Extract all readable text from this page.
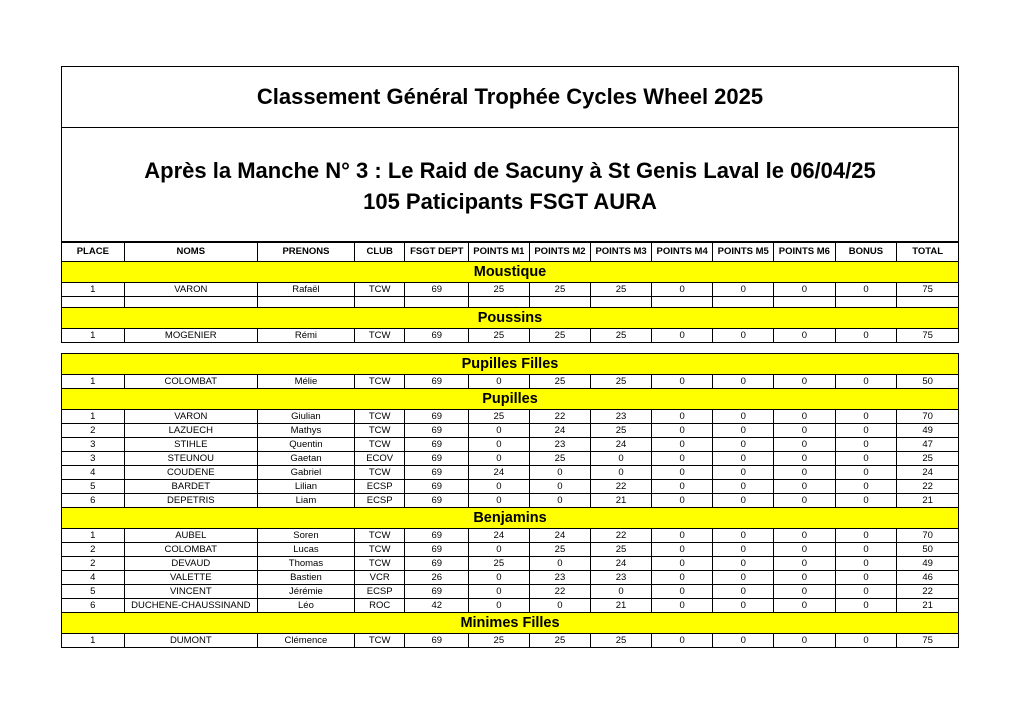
Classement Général Trophée Cycles Wheel 2025
Après la Manche N° 3 : Le Raid de Sacuny à St Genis Laval le 06/04/25
105 Paticipants FSGT AURA
PLACE	NOMS	PRENONS	CLUB	FSGT DEPT	POINTS M1	POINTS M2	POINTS M3	POINTS M4	POINTS M5	POINTS M6	BONUS	TOTAL
Moustique												
1	VARON	Rafaël	TCW	69	25	25	25	0	0	0	0	75

Poussins												
1	MOGENIER	Rémi	TCW	69	25	25	25	0	0	0	0	75

Pupilles Filles												
1	COLOMBAT	Mélie	TCW	69	0	25	25	0	0	0	0	50
Pupilles												
1	VARON	Giulian	TCW	69	25	22	23	0	0	0	0	70
2	LAZUECH	Mathys	TCW	69	0	24	25	0	0	0	0	49
3	STIHLE	Quentin	TCW	69	0	23	24	0	0	0	0	47
3	STEUNOU	Gaetan	ECOV	69	0	25	0	0	0	0	0	25
4	COUDENE	Gabriel	TCW	69	24	0	0	0	0	0	0	24
5	BARDET	Lilian	ECSP	69	0	0	22	0	0	0	0	22
6	DEPETRIS	Liam	ECSP	69	0	0	21	0	0	0	0	21
Benjamins												
1	AUBEL	Soren	TCW	69	24	24	22	0	0	0	0	70
2	COLOMBAT	Lucas	TCW	69	0	25	25	0	0	0	0	50
2	DEVAUD	Thomas	TCW	69	25	0	24	0	0	0	0	49
4	VALETTE	Bastien	VCR	26	0	23	23	0	0	0	0	46
5	VINCENT	Jérémie	ECSP	69	0	22	0	0	0	0	0	22
6	DUCHENE-CHAUSSINAND	Léo	ROC	42	0	0	21	0	0	0	0	21
Minimes Filles												
1	DUMONT	Clémence	TCW	69	25	25	25	0	0	0	0	75
